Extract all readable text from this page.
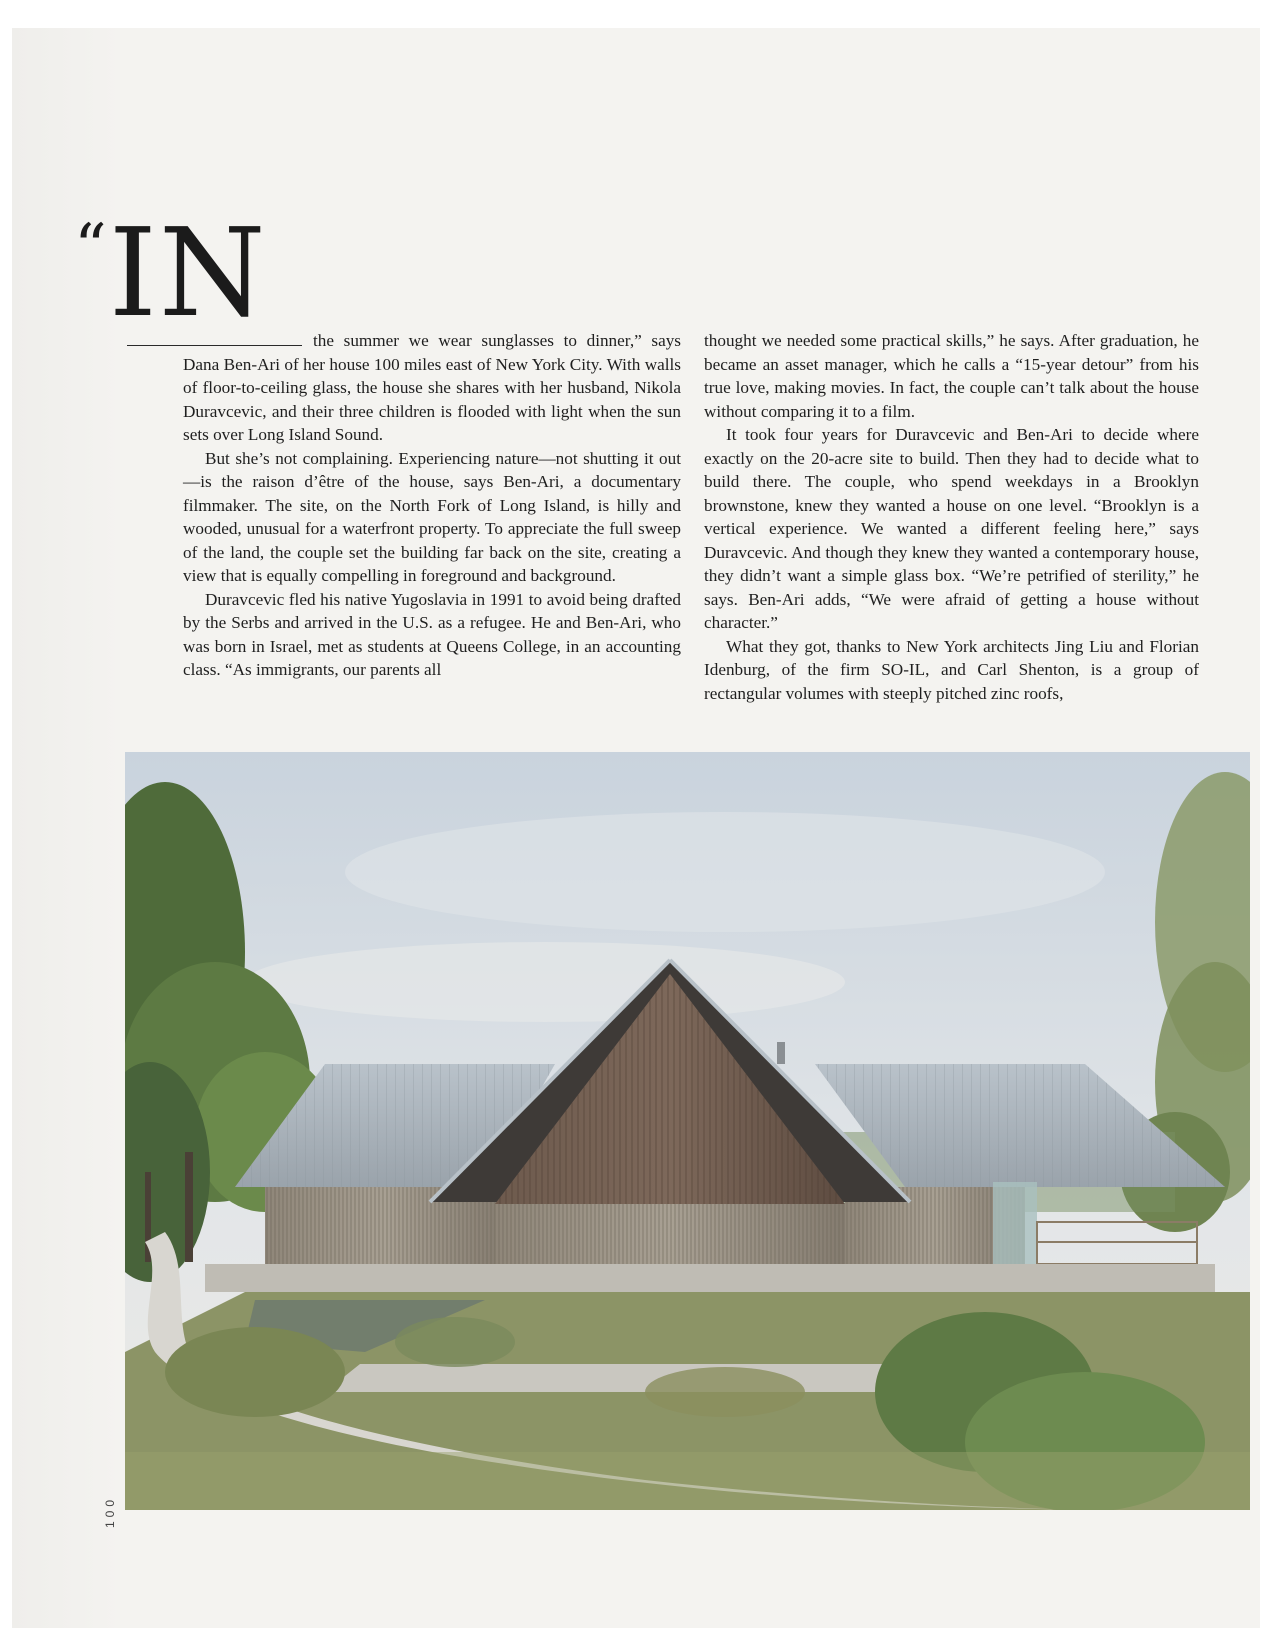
“IN	the summer we wear sunglasses to dinner,” says Dana Ben-Ari of her house 100 miles east of New York City. With walls of floor-to-ceiling glass, the house she shares with her husband, Nikola Duravcevic, and their three children is flooded with light when the sun sets over Long Island Sound.

But she’s not complaining. Experiencing nature—not shutting it out—is the raison d’être of the house, says Ben-Ari, a documentary filmmaker. The site, on the North Fork of Long Island, is hilly and wooded, unusual for a waterfront property. To appreciate the full sweep of the land, the couple set the building far back on the site, creating a view that is equally compelling in foreground and background.

Duravcevic fled his native Yugoslavia in 1991 to avoid being drafted by the Serbs and arrived in the U.S. as a refugee. He and Ben-Ari, who was born in Israel, met as students at Queens College, in an accounting class. “As immigrants, our parents all

thought we needed some practical skills,” he says. After graduation, he became an asset manager, which he calls a “15-year detour” from his true love, making movies. In fact, the couple can’t talk about the house without comparing it to a film.

It took four years for Duravcevic and Ben-Ari to decide where exactly on the 20-acre site to build. Then they had to decide what to build there. The couple, who spend weekdays in a Brooklyn brownstone, knew they wanted a house on one level. “Brooklyn is a vertical experience. We wanted a different feeling here,” says Duravcevic. And though they knew they wanted a contemporary house, they didn’t want a simple glass box. “We’re petrified of sterility,” he says. Ben-Ari adds, “We were afraid of getting a house without character.”

What they got, thanks to New York architects Jing Liu and Florian Idenburg, of the firm SO-IL, and Carl Shenton, is a group of rectangular volumes with steeply pitched zinc roofs,

100
